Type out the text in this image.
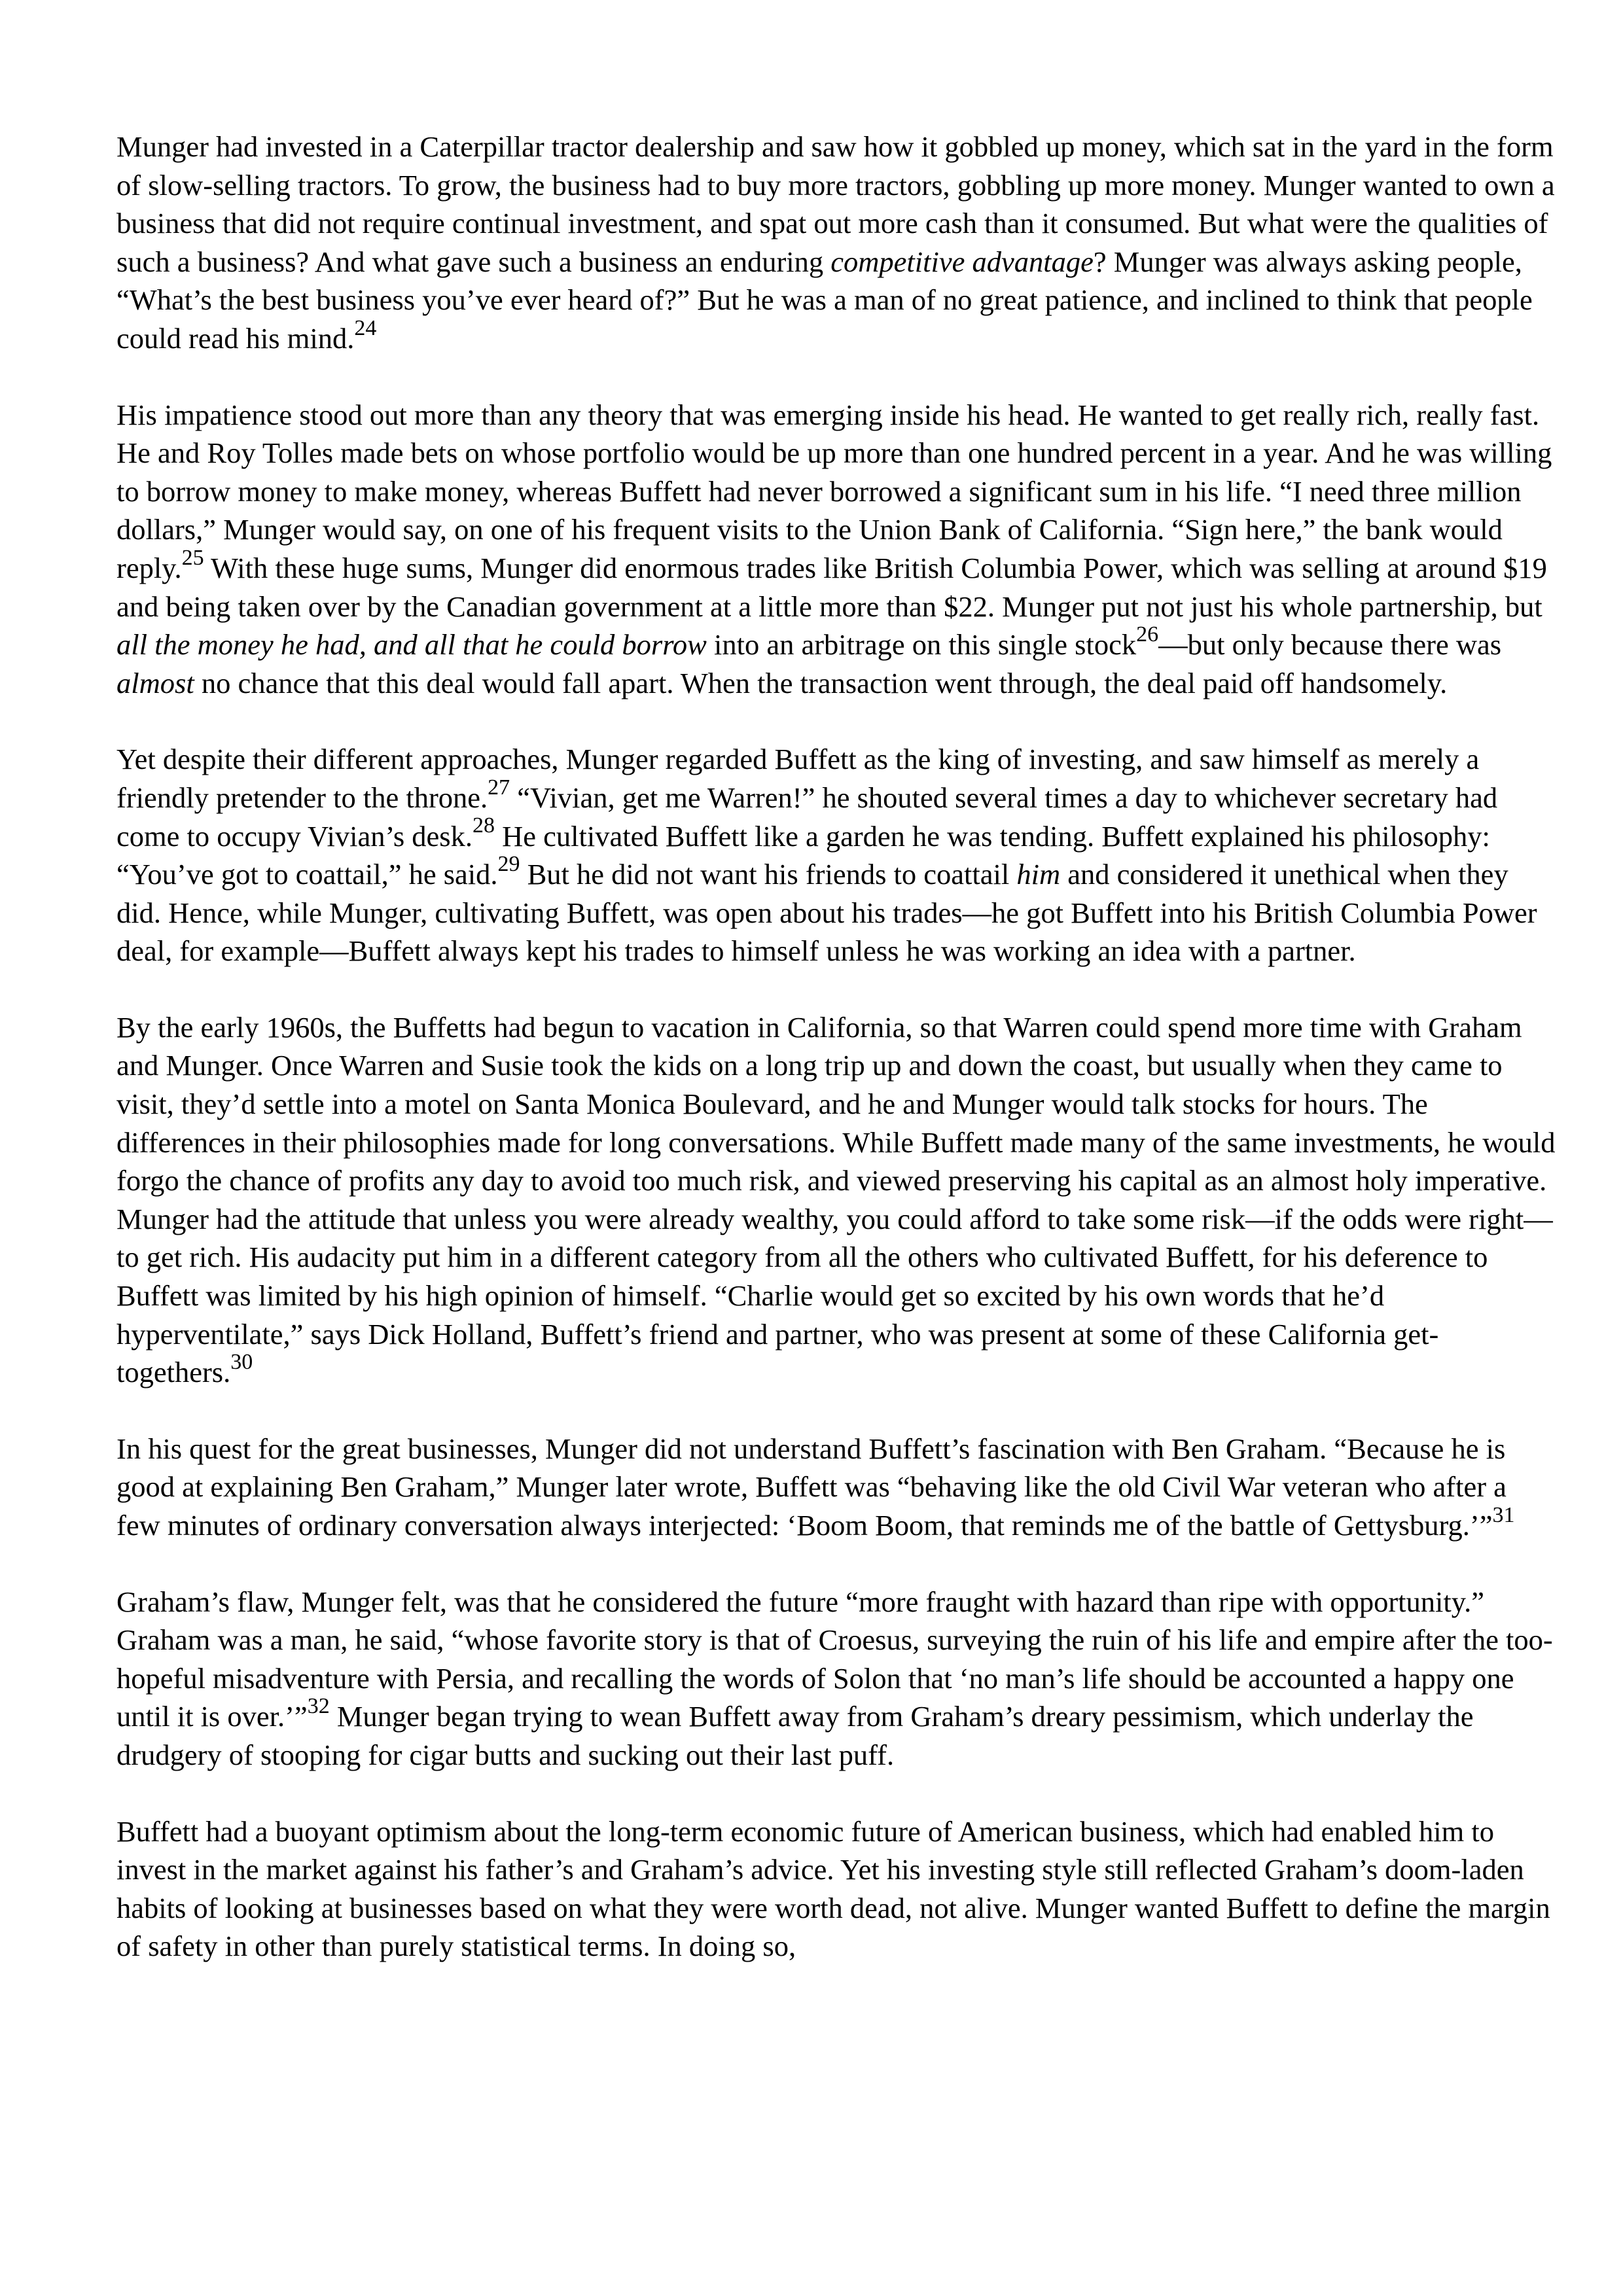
Munger had invested in a Caterpillar tractor dealership and saw how it gobbled up money, which sat in the yard in the form of slow-selling tractors. To grow, the business had to buy more tractors, gobbling up more money. Munger wanted to own a business that did not require continual investment, and spat out more cash than it consumed. But what were the qualities of such a business? And what gave such a business an enduring competitive advantage? Munger was always asking people, “What’s the best business you’ve ever heard of?” But he was a man of no great patience, and inclined to think that people could read his mind.$^{24}$

His impatience stood out more than any theory that was emerging inside his head. He wanted to get really rich, really fast. He and Roy Tolles made bets on whose portfolio would be up more than one hundred percent in a year. And he was willing to borrow money to make money, whereas Buffett had never borrowed a significant sum in his life. “I need three million dollars,” Munger would say, on one of his frequent visits to the Union Bank of California. “Sign here,” the bank would reply.$^{25}$ With these huge sums, Munger did enormous trades like British Columbia Power, which was selling at around $19 and being taken over by the Canadian government at a little more than $22. Munger put not just his whole partnership, but all the money he had, and all that he could borrow into an arbitrage on this single stock$^{26}$—but only because there was almost no chance that this deal would fall apart. When the transaction went through, the deal paid off handsomely.

Yet despite their different approaches, Munger regarded Buffett as the king of investing, and saw himself as merely a friendly pretender to the throne.$^{27}$ “Vivian, get me Warren!” he shouted several times a day to whichever secretary had come to occupy Vivian’s desk.$^{28}$ He cultivated Buffett like a garden he was tending. Buffett explained his philosophy: “You’ve got to coattail,” he said.$^{29}$ But he did not want his friends to coattail him and considered it unethical when they did. Hence, while Munger, cultivating Buffett, was open about his trades—he got Buffett into his British Columbia Power deal, for example—Buffett always kept his trades to himself unless he was working an idea with a partner.

By the early 1960s, the Buffetts had begun to vacation in California, so that Warren could spend more time with Graham and Munger. Once Warren and Susie took the kids on a long trip up and down the coast, but usually when they came to visit, they’d settle into a motel on Santa Monica Boulevard, and he and Munger would talk stocks for hours. The differences in their philosophies made for long conversations. While Buffett made many of the same investments, he would forgo the chance of profits any day to avoid too much risk, and viewed preserving his capital as an almost holy imperative. Munger had the attitude that unless you were already wealthy, you could afford to take some risk—if the odds were right—to get rich. His audacity put him in a different category from all the others who cultivated Buffett, for his deference to Buffett was limited by his high opinion of himself. “Charlie would get so excited by his own words that he’d hyperventilate,” says Dick Holland, Buffett’s friend and partner, who was present at some of these California get-togethers.$^{30}$

In his quest for the great businesses, Munger did not understand Buffett’s fascination with Ben Graham. “Because he is good at explaining Ben Graham,” Munger later wrote, Buffett was “behaving like the old Civil War veteran who after a few minutes of ordinary conversation always interjected: ‘Boom Boom, that reminds me of the battle of Gettysburg.’”$^{31}$

Graham’s flaw, Munger felt, was that he considered the future “more fraught with hazard than ripe with opportunity.” Graham was a man, he said, “whose favorite story is that of Croesus, surveying the ruin of his life and empire after the too-hopeful misadventure with Persia, and recalling the words of Solon that ‘no man’s life should be accounted a happy one until it is over.’”$^{32}$ Munger began trying to wean Buffett away from Graham’s dreary pessimism, which underlay the drudgery of stooping for cigar butts and sucking out their last puff.

Buffett had a buoyant optimism about the long-term economic future of American business, which had enabled him to invest in the market against his father’s and Graham’s advice. Yet his investing style still reflected Graham’s doom-laden habits of looking at businesses based on what they were worth dead, not alive. Munger wanted Buffett to define the margin of safety in other than purely statistical terms. In doing so,
